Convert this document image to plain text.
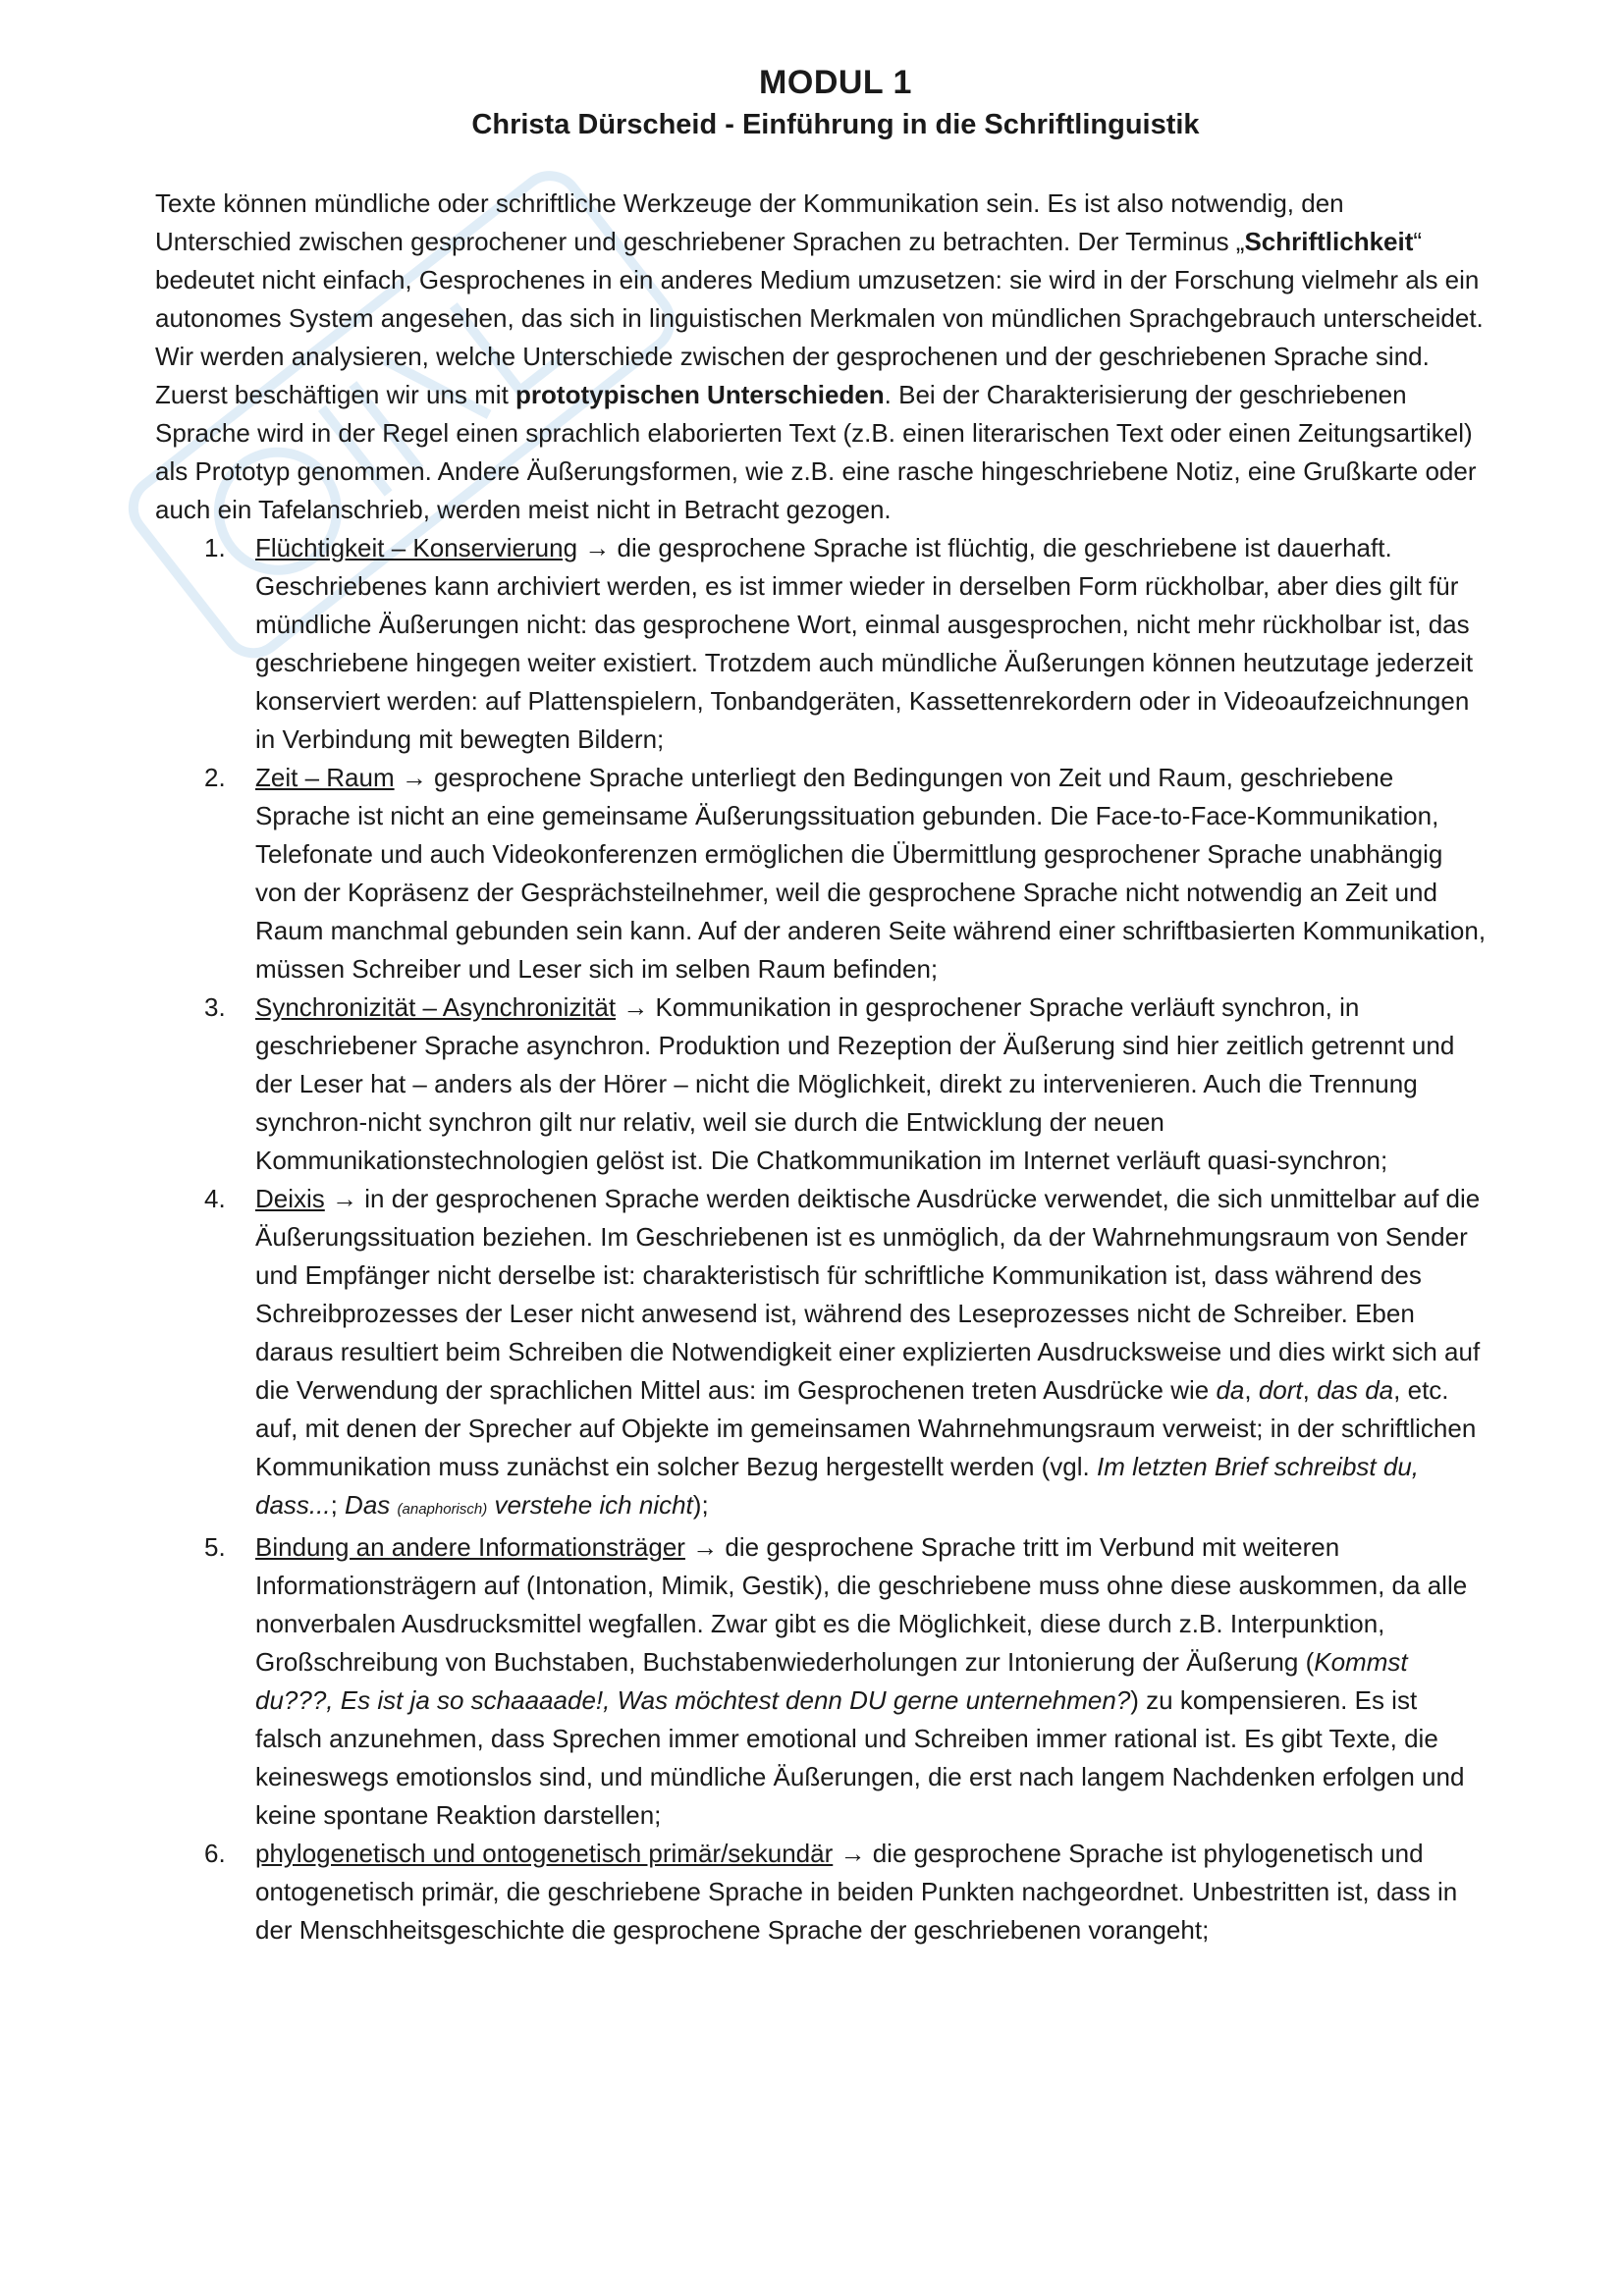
MODUL 1
Christa Dürscheid - Einführung in die Schriftlinguistik

Texte können mündliche oder schriftliche Werkzeuge der Kommunikation sein. Es ist also notwendig, den Unterschied zwischen gesprochener und geschriebener Sprachen zu betrachten. Der Terminus „Schriftlichkeit“ bedeutet nicht einfach, Gesprochenes in ein anderes Medium umzusetzen: sie wird in der Forschung vielmehr als ein autonomes System angesehen, das sich in linguistischen Merkmalen von mündlichen Sprachgebrauch unterscheidet. Wir werden analysieren, welche Unterschiede zwischen der gesprochenen und der geschriebenen Sprache sind.

Zuerst beschäftigen wir uns mit prototypischen Unterschieden. Bei der Charakterisierung der geschriebenen Sprache wird in der Regel einen sprachlich elaborierten Text (z.B. einen literarischen Text oder einen Zeitungsartikel) als Prototyp genommen. Andere Äußerungsformen, wie z.B. eine rasche hingeschriebene Notiz, eine Grußkarte oder auch ein Tafelanschrieb, werden meist nicht in Betracht gezogen.

1.	Flüchtigkeit – Konservierung → die gesprochene Sprache ist flüchtig, die geschriebene ist dauerhaft. Geschriebenes kann archiviert werden, es ist immer wieder in derselben Form rückholbar, aber dies gilt für mündliche Äußerungen nicht: das gesprochene Wort, einmal ausgesprochen, nicht mehr rückholbar ist, das geschriebene hingegen weiter existiert. Trotzdem auch mündliche Äußerungen können heutzutage jederzeit konserviert werden: auf Plattenspielern, Tonbandgeräten, Kassettenrekordern oder in Videoaufzeichnungen in Verbindung mit bewegten Bildern;
2.	Zeit – Raum → gesprochene Sprache unterliegt den Bedingungen von Zeit und Raum, geschriebene Sprache ist nicht an eine gemeinsame Äußerungssituation gebunden. Die Face-to-Face-Kommunikation, Telefonate und auch Videokonferenzen ermöglichen die Übermittlung gesprochener Sprache unabhängig von der Kopräsenz der Gesprächsteilnehmer, weil die gesprochene Sprache nicht notwendig an Zeit und Raum manchmal gebunden sein kann. Auf der anderen Seite während einer schriftbasierten Kommunikation, müssen Schreiber und Leser sich im selben Raum befinden;
3.	Synchronizität – Asynchronizität → Kommunikation in gesprochener Sprache verläuft synchron, in geschriebener Sprache asynchron. Produktion und Rezeption der Äußerung sind hier zeitlich getrennt und der Leser hat – anders als der Hörer – nicht die Möglichkeit, direkt zu intervenieren. Auch die Trennung synchron-nicht synchron gilt nur relativ, weil sie durch die Entwicklung der neuen Kommunikationstechnologien gelöst ist. Die Chatkommunikation im Internet verläuft quasi-synchron;
4.	Deixis → in der gesprochenen Sprache werden deiktische Ausdrücke verwendet, die sich unmittelbar auf die Äußerungssituation beziehen. Im Geschriebenen ist es unmöglich, da der Wahrnehmungsraum von Sender und Empfänger nicht derselbe ist: charakteristisch für schriftliche Kommunikation ist, dass während des Schreibprozesses der Leser nicht anwesend ist, während des Leseprozesses nicht de Schreiber. Eben daraus resultiert beim Schreiben die Notwendigkeit einer explizierten Ausdrucksweise und dies wirkt sich auf die Verwendung der sprachlichen Mittel aus: im Gesprochenen treten Ausdrücke wie da, dort, das da, etc. auf, mit denen der Sprecher auf Objekte im gemeinsamen Wahrnehmungsraum verweist; in der schriftlichen Kommunikation muss zunächst ein solcher Bezug hergestellt werden (vgl. Im letzten Brief schreibst du, dass...; Das (anaphorisch) verstehe ich nicht);
5.	Bindung an andere Informationsträger → die gesprochene Sprache tritt im Verbund mit weiteren Informationsträgern auf (Intonation, Mimik, Gestik), die geschriebene muss ohne diese auskommen, da alle nonverbalen Ausdrucksmittel wegfallen. Zwar gibt es die Möglichkeit, diese durch z.B. Interpunktion, Großschreibung von Buchstaben, Buchstabenwiederholungen zur Intonierung der Äußerung (Kommst du???, Es ist ja so schaaaade!, Was möchtest denn DU gerne unternehmen?) zu kompensieren. Es ist falsch anzunehmen, dass Sprechen immer emotional und Schreiben immer rational ist. Es gibt Texte, die keineswegs emotionslos sind, und mündliche Äußerungen, die erst nach langem Nachdenken erfolgen und keine spontane Reaktion darstellen;
6.	phylogenetisch und ontogenetisch primär/sekundär → die gesprochene Sprache ist phylogenetisch und ontogenetisch primär, die geschriebene Sprache in beiden Punkten nachgeordnet. Unbestritten ist, dass in der Menschheitsgeschichte die gesprochene Sprache der geschriebenen vorangeht;
